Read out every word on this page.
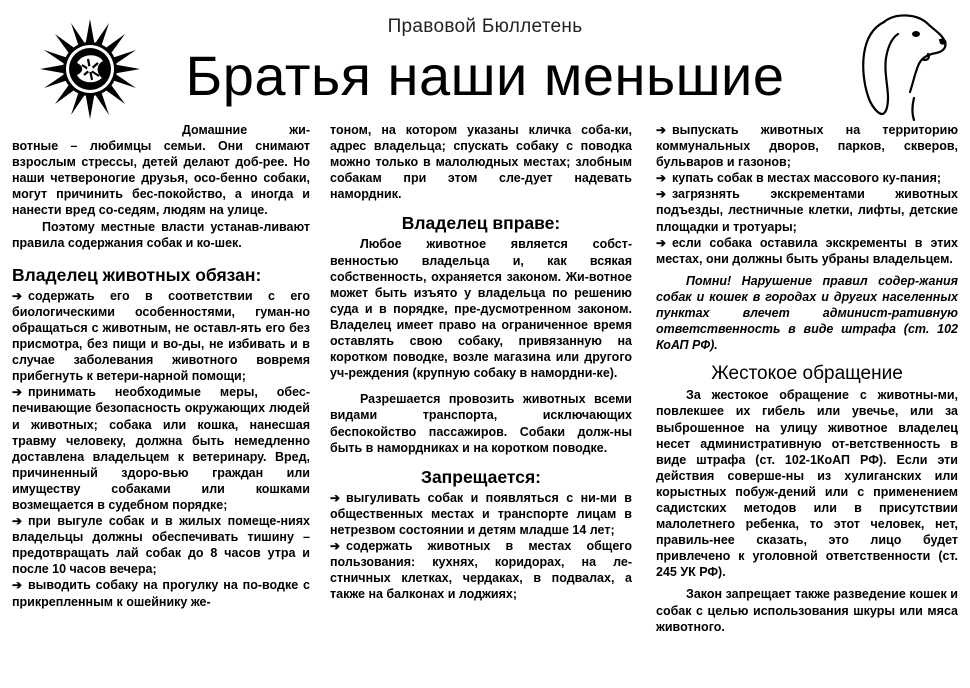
Правовой Бюллетень
Братья наши меньшие

Домашние жи-вотные – любимцы семьи. Они снимают взрослым стрессы, детей делают доб-рее. Но наши четвероногие друзья, осо-бенно собаки, могут причинить бес-покойство, а иногда и нанести вред со-седям, людям на улице.

Поэтому местные власти устанав-ливают правила содержания собак и ко-шек.

Владелец животных обязан:

➔ содержать его в соответствии с его биологическими особенностями, гуман-но обращаться с животным, не оставл-ять его без присмотра, без пищи и во-ды, не избивать и в случае заболевания животного вовремя прибегнуть к ветери-нарной помощи;

➔ принимать необходимые меры, обес-печивающие безопасность окружающих людей и животных; собака или кошка, нанесшая травму человеку, должна быть немедленно доставлена владельцем к ветеринару. Вред, причиненный здоро-вью граждан или имуществу собаками или кошками возмещается в судебном порядке;

➔ при выгуле собак и в жилых помеще-ниях владельцы должны обеспечивать тишину – предотвращать лай собак до 8 часов утра и после 10 часов вечера;

➔ выводить собаку на прогулку на по-водке с прикрепленным к ошейнику же-

тоном, на котором указаны кличка соба-ки, адрес владельца; спускать собаку с поводка можно только в малолюдных местах; злобным собакам при этом сле-дует надевать намордник.

Владелец вправе:

Любое животное является собст-венностью владельца и, как всякая собственность, охраняется законом. Жи-вотное может быть изъято у владельца по решению суда и в порядке, пре-дусмотренном законом. Владелец имеет право на ограниченное время оставлять свою собаку, привязанную на коротком поводке, возле магазина или другого уч-реждения (крупную собаку в намордни-ке).

Разрешается провозить животных всеми видами транспорта, исключающих беспокойство пассажиров. Собаки долж-ны быть в намордниках и на коротком поводке.

Запрещается:

➔ выгуливать собак и появляться с ни-ми в общественных местах и транспорте лицам в нетрезвом состоянии и детям младше 14 лет;

➔ содержать животных в местах общего пользования: кухнях, коридорах, на ле-стничных клетках, чердаках, в подвалах, а также на балконах и лоджиях;

➔ выпускать животных на территорию коммунальных дворов, парков, скверов, бульваров и газонов;

➔ купать собак в местах массового ку-пания;

➔ загрязнять экскрементами животных подъезды, лестничные клетки, лифты, детские площадки и тротуары;

➔ если собака оставила экскременты в этих местах, они должны быть убраны владельцем.

Помни! Нарушение правил содер-жания собак и кошек в городах и других населенных пунктах влечет админист-ративную ответственность в виде штрафа (ст. 102 КоАП РФ).

Жестокое обращение

За жестокое обращение с животны-ми, повлекшее их гибель или увечье, или за выброшенное на улицу животное владелец несет административную от-ветственность в виде штрафа (ст. 102-1КоАП РФ). Если эти действия соверше-ны из хулиганских или корыстных побуж-дений или с применением садистских методов или в присутствии малолетнего ребенка, то этот человек, нет, правиль-нее сказать, это лицо будет привлечено к уголовной ответственности (ст. 245 УК РФ).

Закон запрещает также разведение кошек и собак с целью использования шкуры или мяса животного.
